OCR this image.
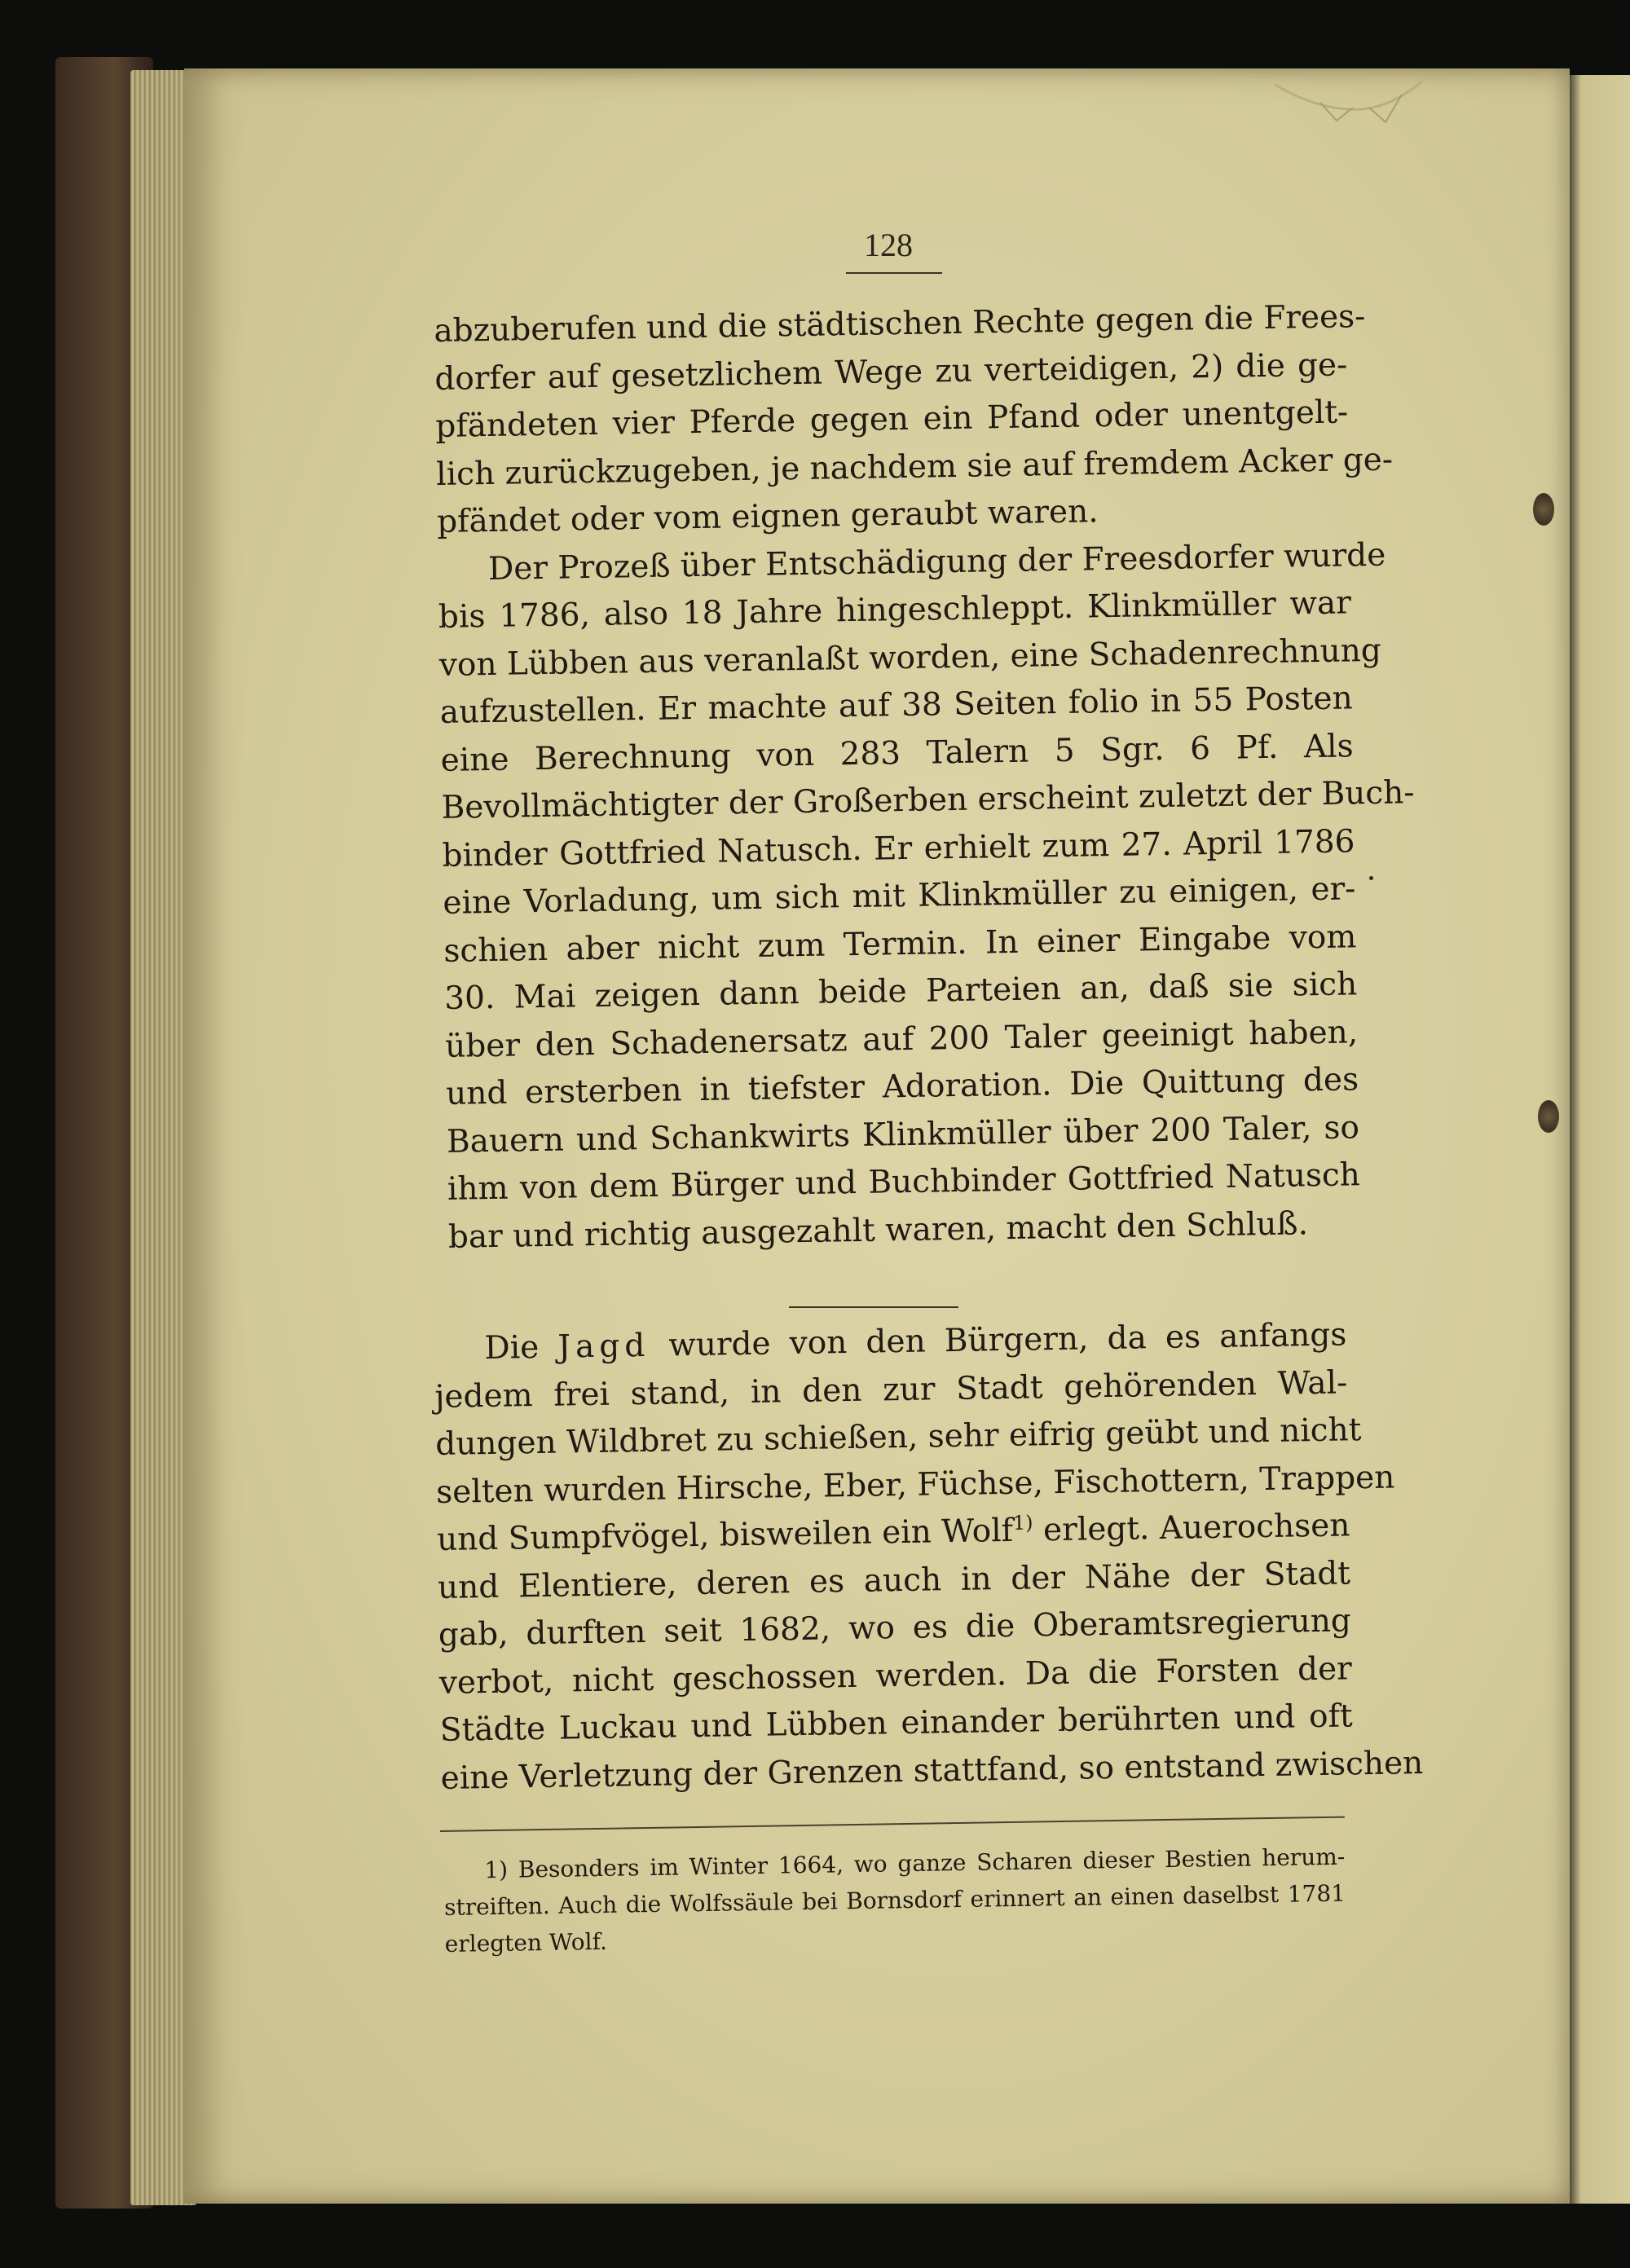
128
abzuberufen und die städtischen Rechte gegen die Frees-
dorfer auf gesetzlichem Wege zu verteidigen, 2) die ge-
pfändeten vier Pferde gegen ein Pfand oder unentgelt-
lich zurückzugeben, je nachdem sie auf fremdem Acker ge-
pfändet oder vom eignen geraubt waren.
Der Prozeß über Entschädigung der Freesdorfer wurde
bis 1786, also 18 Jahre hingeschleppt. Klinkmüller war
von Lübben aus veranlaßt worden, eine Schadenrechnung
aufzustellen. Er machte auf 38 Seiten folio in 55 Posten
eine Berechnung von 283 Talern 5 Sgr. 6 Pf. Als
Bevollmächtigter der Großerben erscheint zuletzt der Buch-
binder Gottfried Natusch. Er erhielt zum 27. April 1786
eine Vorladung, um sich mit Klinkmüller zu einigen, er-
schien aber nicht zum Termin. In einer Eingabe vom
30. Mai zeigen dann beide Parteien an, daß sie sich
über den Schadenersatz auf 200 Taler geeinigt haben,
und ersterben in tiefster Adoration. Die Quittung des
Bauern und Schankwirts Klinkmüller über 200 Taler, so
ihm von dem Bürger und Buchbinder Gottfried Natusch
bar und richtig ausgezahlt waren, macht den Schluß.
Die Jagd wurde von den Bürgern, da es anfangs
jedem frei stand, in den zur Stadt gehörenden Wal-
dungen Wildbret zu schießen, sehr eifrig geübt und nicht
selten wurden Hirsche, Eber, Füchse, Fischottern, Trappen
und Sumpfvögel, bisweilen ein Wolf$^{1)}$ erlegt. Auerochsen
und Elentiere, deren es auch in der Nähe der Stadt
gab, durften seit 1682, wo es die Oberamtsregierung
verbot, nicht geschossen werden. Da die Forsten der
Städte Luckau und Lübben einander berührten und oft
eine Verletzung der Grenzen stattfand, so entstand zwischen
1) Besonders im Winter 1664, wo ganze Scharen dieser Bestien herum-
streiften. Auch die Wolfssäule bei Bornsdorf erinnert an einen daselbst 1781
erlegten Wolf.
